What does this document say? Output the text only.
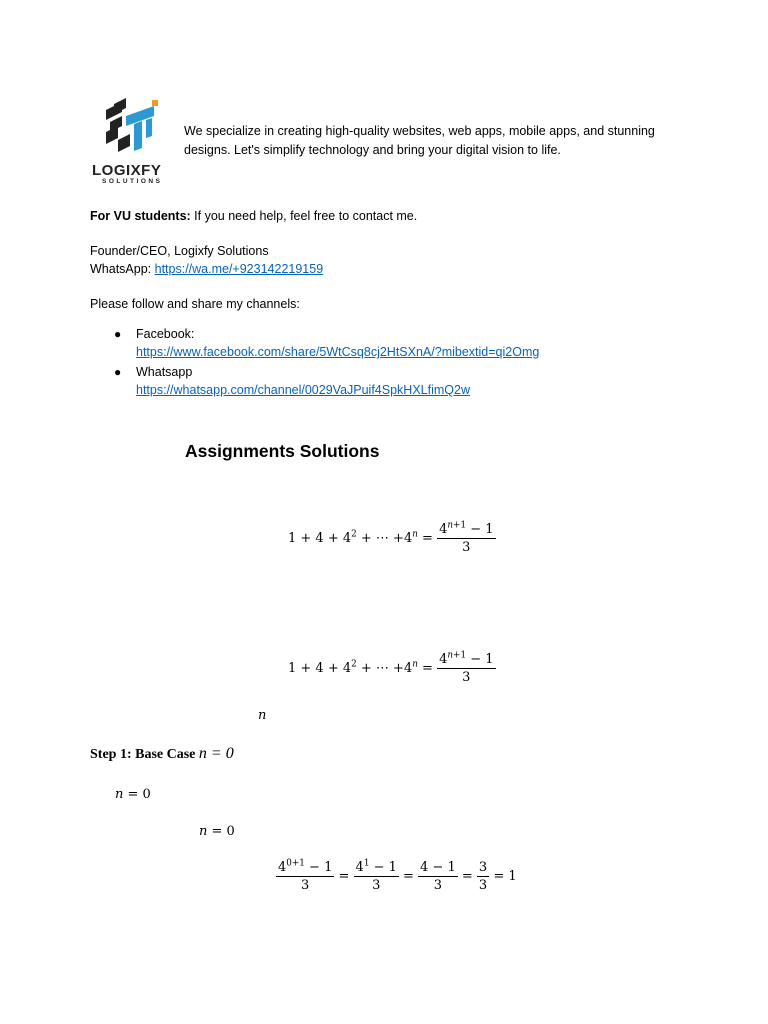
LOGIXFY
SOLUTIONS
We specialize in creating high-quality websites, web apps, mobile apps, and stunning
designs. Let's simplify technology and bring your digital vision to life.
For VU students: If you need help, feel free to contact me.
Founder/CEO, Logixfy Solutions
WhatsApp: https://wa.me/+923142219159
Please follow and share my channels:
● Facebook:
https://www.facebook.com/share/5WtCsq8cj2HtSXnA/?mibextid=qi2Omg
● Whatsapp
https://whatsapp.com/channel/0029VaJPuif4SpkHXLfimQ2w
Assignments Solutions
$1 + 4 + 4^2$ + ⋯ $+4^n = \frac{4^{n+1} - 1}{3}$
$1 + 4 + 4^2$ + ⋯ $+4^n = \frac{4^{n+1} - 1}{3}$
n
Step 1: Base Case n = 0
n = 0
n = 0
$\frac{4^{0+1} - 1}{3} = \frac{4^1 - 1}{3} = \frac{4 - 1}{3} = \frac{3}{3} = 1$
